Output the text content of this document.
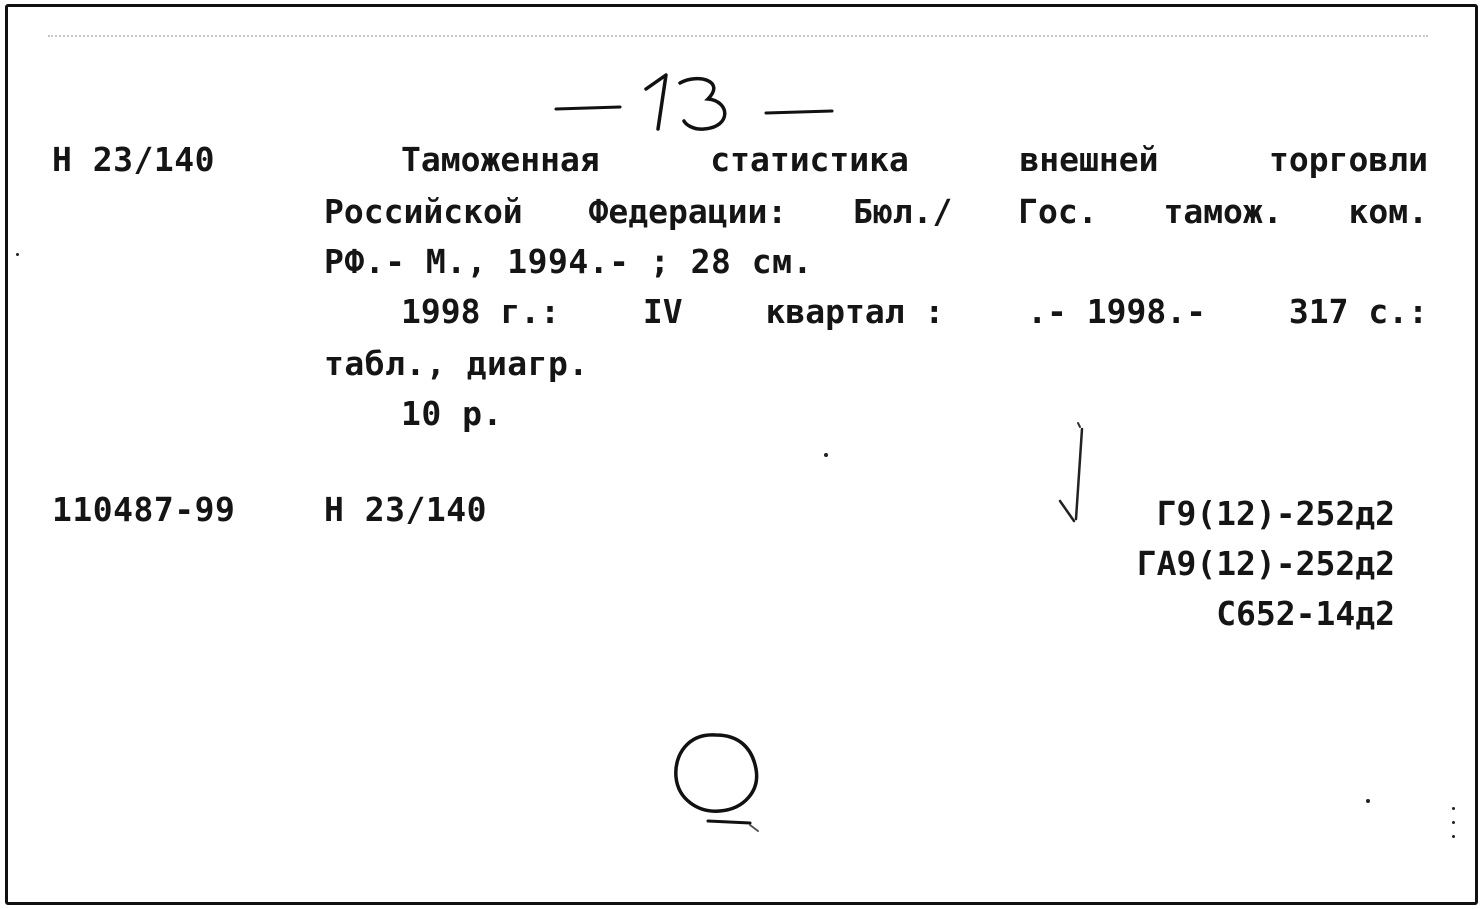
Н 23/140	Таможенная	статистика	внешней	торговли
Российской Федерации: Бюл./ Гос. тамож. ком.
РФ.- М., 1994.- ; 28 см.
1998 г.:	IV	квартал :	.- 1998.-	317 с.:
табл., диагр.
10 р.
110487-99	Н 23/140	Г9(12)-252д2
ГА9(12)-252д2
С652-14д2
